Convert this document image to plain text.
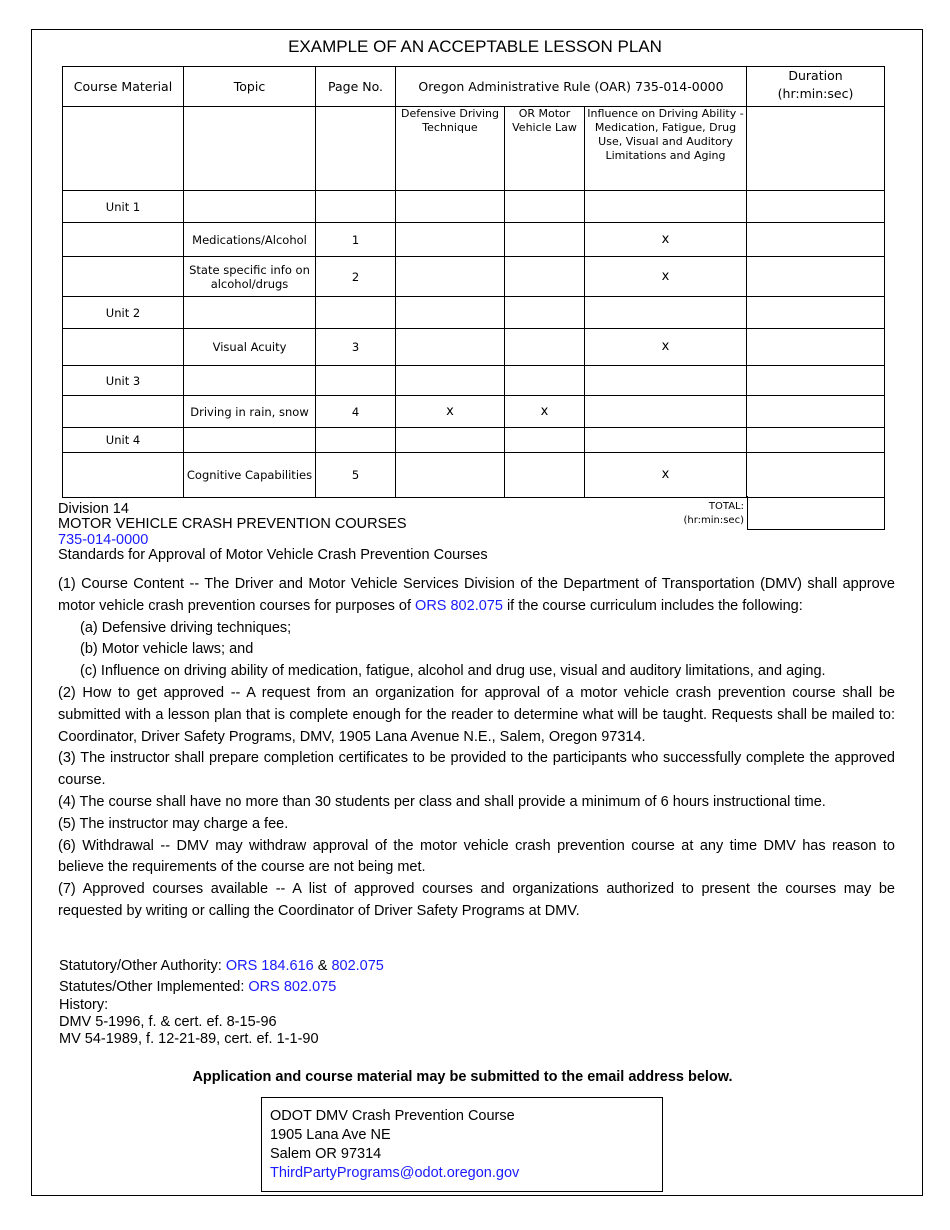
EXAMPLE OF AN ACCEPTABLE LESSON PLAN
Course Material	Topic	Page No.	Oregon Administrative Rule (OAR) 735-014-0000			Duration (hr:min:sec)
			Defensive Driving Technique	OR Motor Vehicle Law	Influence on Driving Ability - Medication, Fatigue, Drug Use, Visual and Auditory Limitations and Aging	
Unit 1						
	Medications/Alcohol	1			x	
	State specific info on alcohol/drugs	2			x	
Unit 2						
	Visual Acuity	3			x	
Unit 3						
	Driving in rain, snow	4	x	x		
Unit 4						
	Cognitive Capabilities	5			x	
Division 14
MOTOR VEHICLE CRASH PREVENTION COURSES
735-014-0000
Standards for Approval of Motor Vehicle Crash Prevention Courses
TOTAL:
(hr:min:sec)

(1) Course Content -- The Driver and Motor Vehicle Services Division of the Department of Transportation (DMV) shall approve motor vehicle crash prevention courses for purposes of ORS 802.075 if the course curriculum includes the following:

(a) Defensive driving techniques;

(b) Motor vehicle laws; and

(c) Influence on driving ability of medication, fatigue, alcohol and drug use, visual and auditory limitations, and aging.

(2) How to get approved -- A request from an organization for approval of a motor vehicle crash prevention course shall be submitted with a lesson plan that is complete enough for the reader to determine what will be taught. Requests shall be mailed to: Coordinator, Driver Safety Programs, DMV, 1905 Lana Avenue N.E., Salem, Oregon 97314.

(3) The instructor shall prepare completion certificates to be provided to the participants who successfully complete the approved course.

(4) The course shall have no more than 30 students per class and shall provide a minimum of 6 hours instructional time.

(5) The instructor may charge a fee.

(6) Withdrawal -- DMV may withdraw approval of the motor vehicle crash prevention course at any time DMV has reason to believe the requirements of the course are not being met.

(7) Approved courses available -- A list of approved courses and organizations authorized to present the courses may be requested by writing or calling the Coordinator of Driver Safety Programs at DMV.

Statutory/Other Authority: ORS 184.616 & 802.075
Statutes/Other Implemented: ORS 802.075
History:
DMV 5-1996, f. & cert. ef. 8-15-96
MV 54-1989, f. 12-21-89, cert. ef. 1-1-90
Application and course material may be submitted to the email address below.
ODOT DMV Crash Prevention Course
1905 Lana Ave NE
Salem OR 97314
ThirdPartyPrograms@odot.oregon.gov
